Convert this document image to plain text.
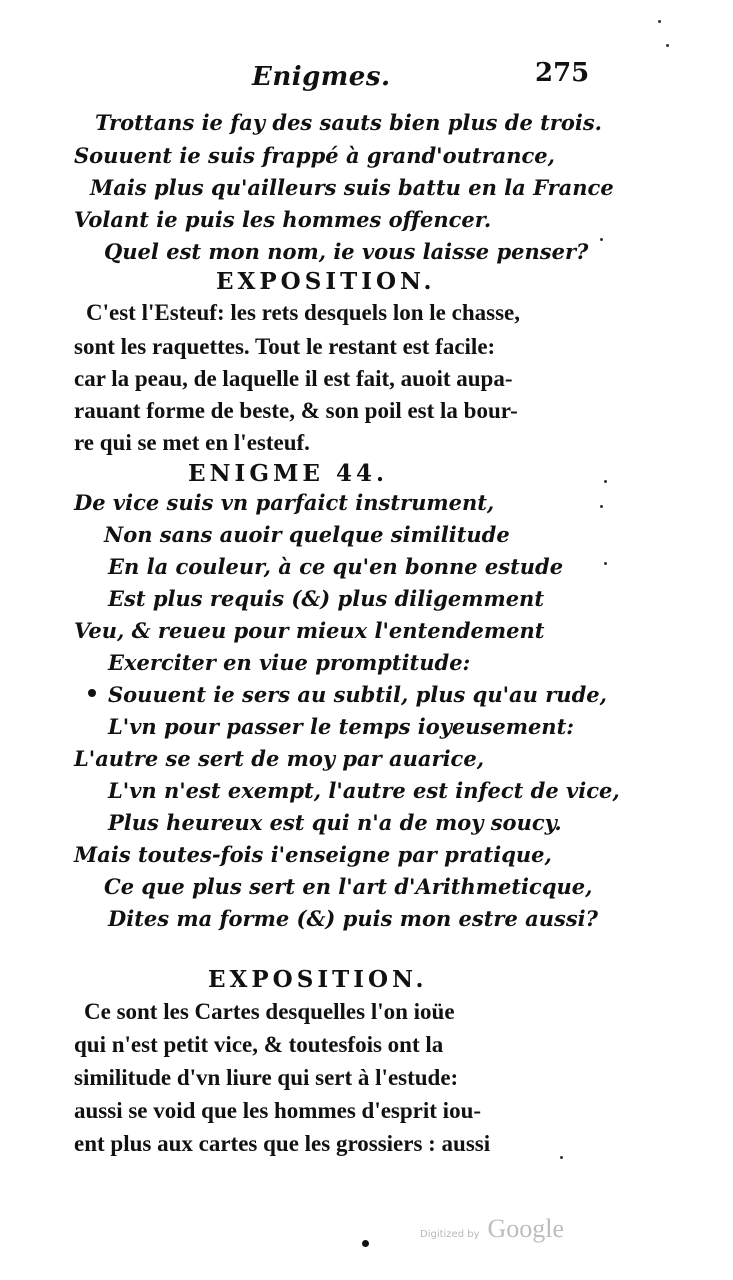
Enigmes.	275
Trottans ie fay des sauts bien plus de trois.
Souuent ie suis frappé à grand'outrance,
Mais plus qu'ailleurs suis battu en la France
Volant ie puis les hommes offencer.
Quel est mon nom, ie vous laisse penser?
EXPOSITION.
C'est l'Esteuf: les rets desquels lon le chasse,
sont les raquettes. Tout le restant est facile:
car la peau, de laquelle il est fait, auoit aupa-
rauant forme de beste, & son poil est la bour-
re qui se met en l'esteuf.
ENIGME 44.
De vice suis vn parfaict instrument,
Non sans auoir quelque similitude
En la couleur, à ce qu'en bonne estude
Est plus requis (&) plus diligemment
Veu, & reueu pour mieux l'entendement
Exerciter en viue promptitude:
Souuent ie sers au subtil, plus qu'au rude,
L'vn pour passer le temps ioyeusement:
L'autre se sert de moy par auarice,
L'vn n'est exempt, l'autre est infect de vice,
Plus heureux est qui n'a de moy soucy.
Mais toutes-fois i'enseigne par pratique,
Ce que plus sert en l'art d'Arithmeticque,
Dites ma forme (&) puis mon estre aussi?
EXPOSITION.
Ce sont les Cartes desquelles l'on ioüe
qui n'est petit vice, & toutesfois ont la
similitude d'vn liure qui sert à l'estude:
aussi se void que les hommes d'esprit iou-
ent plus aux cartes que les grossiers : aussi
Digitized by Google
